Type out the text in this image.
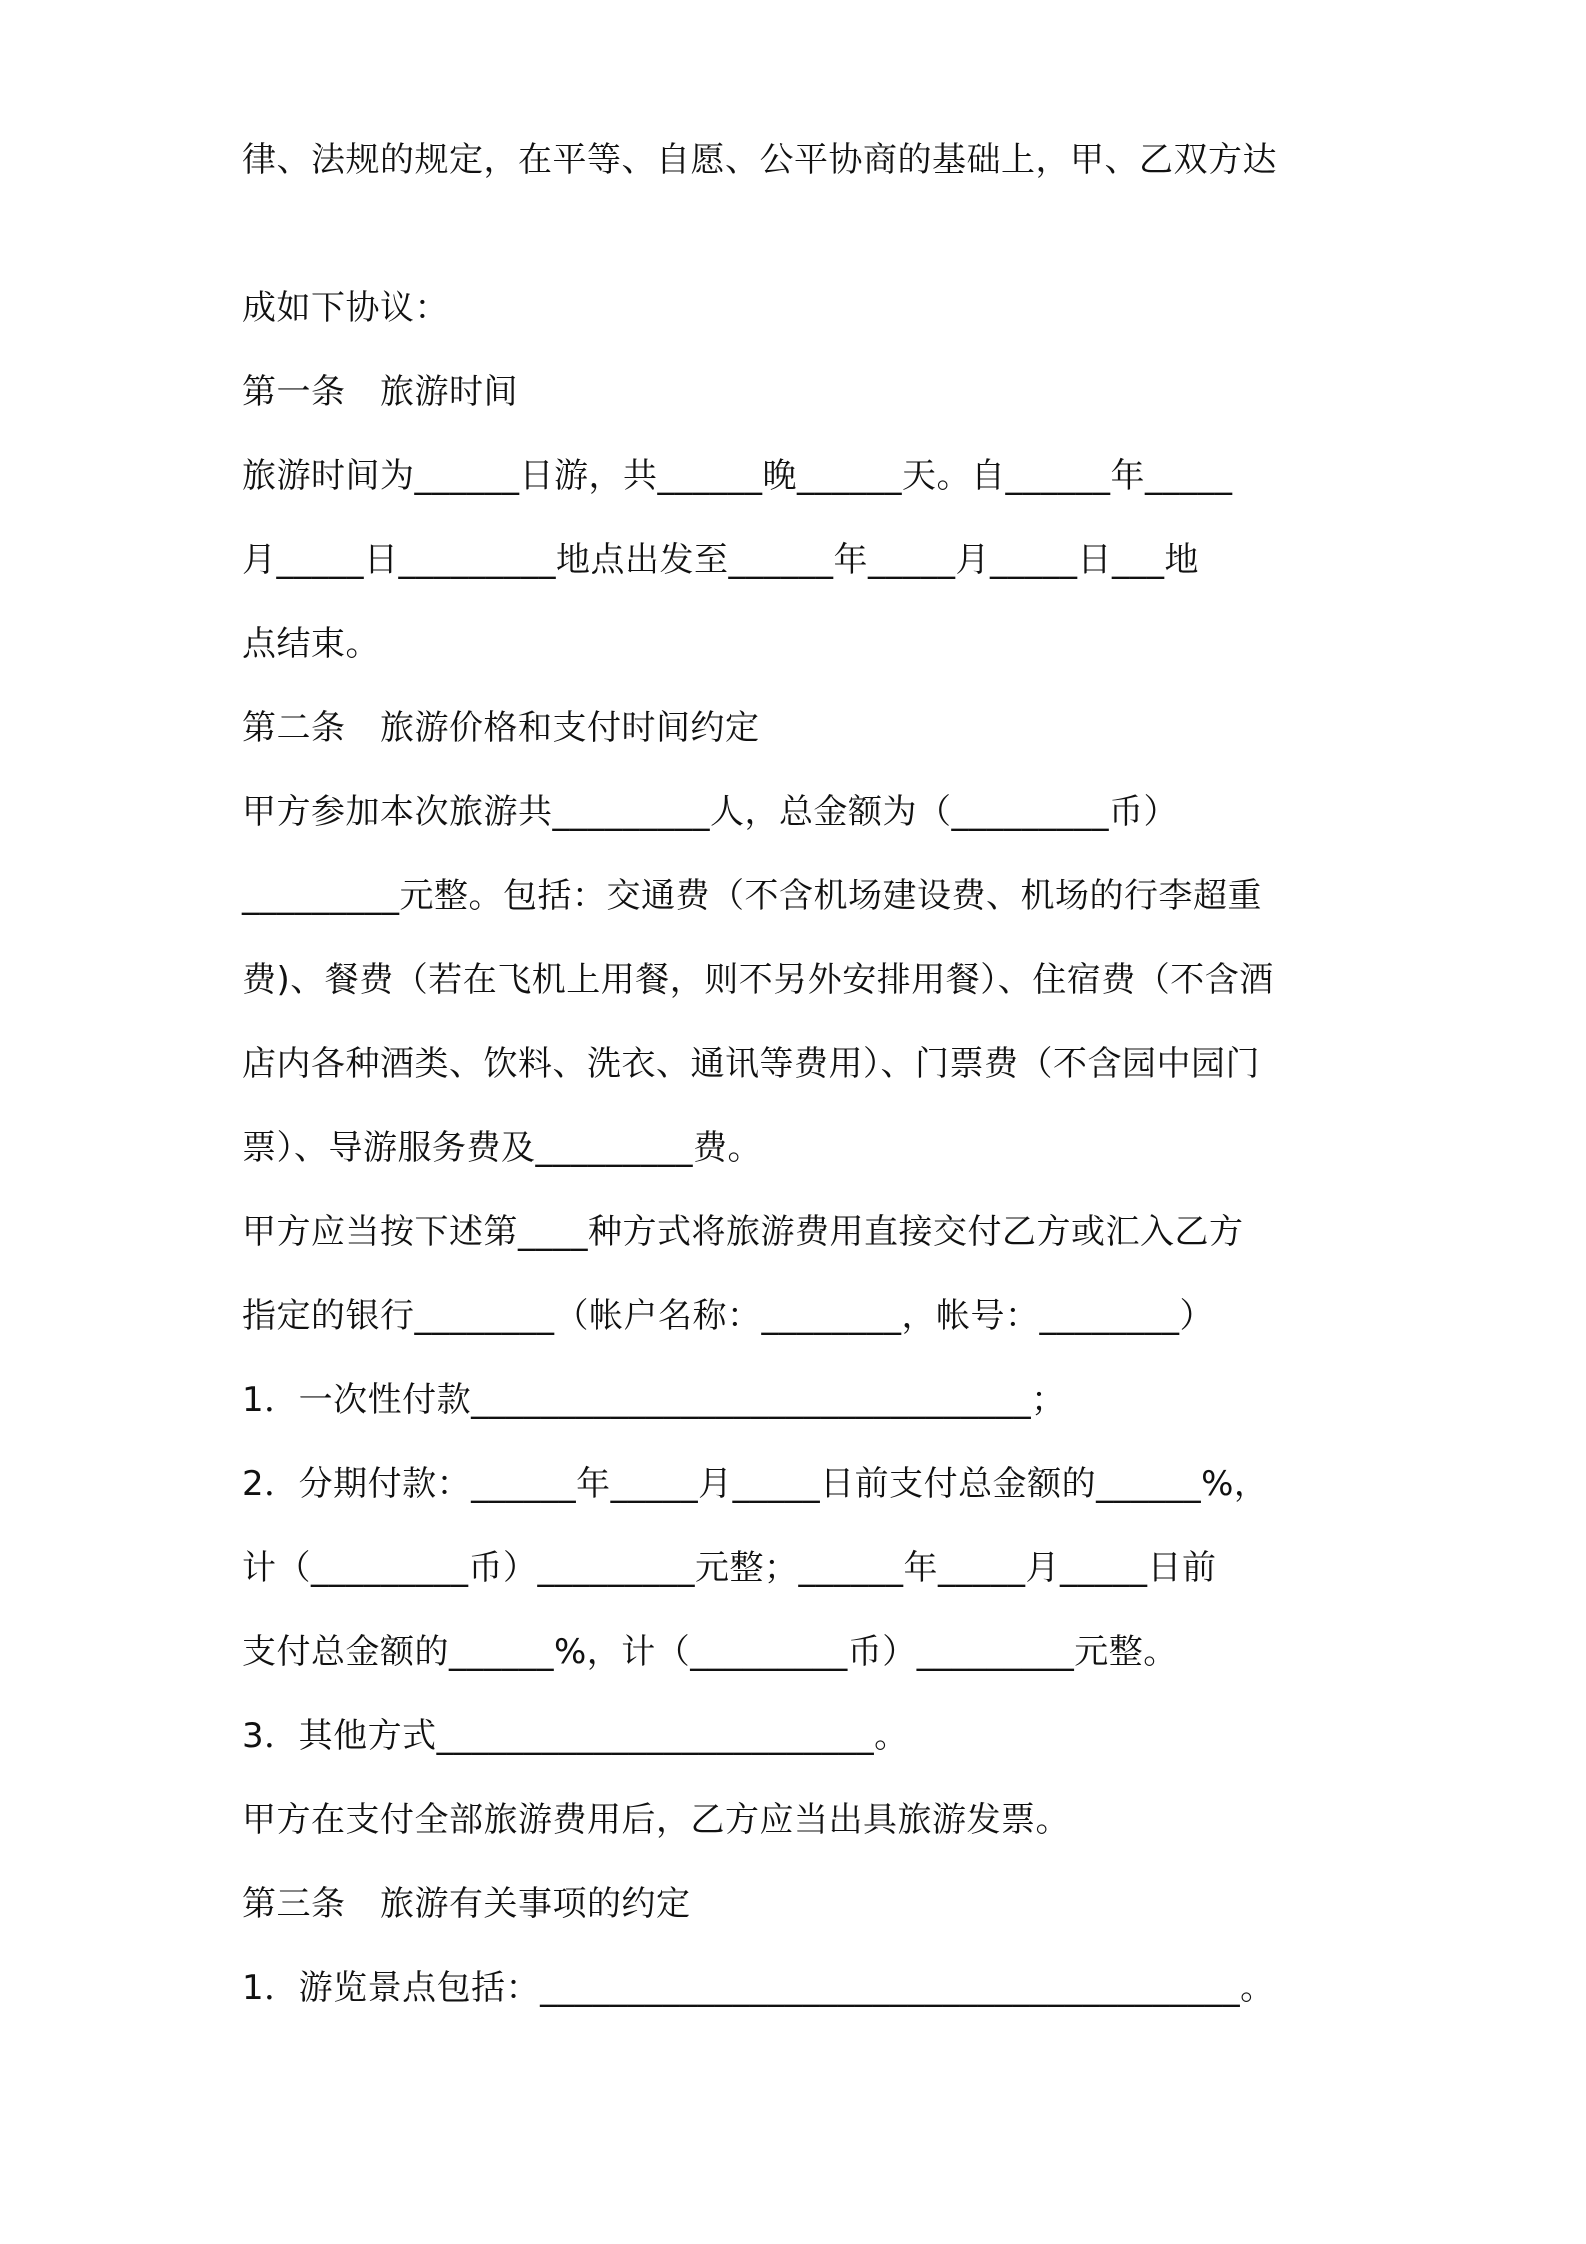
律、法规的规定，在平等、自愿、公平协商的基础上，甲、乙双方达
成如下协议：
第一条　旅游时间
旅游时间为______日游，共______晚______天。自______年_____
月_____日_________地点出发至______年_____月_____日___地
点结束。
第二条　旅游价格和支付时间约定
甲方参加本次旅游共_________人，总金额为（_________币）
_________元整。包括：交通费（不含机场建设费、机场的行李超重
费)、餐费（若在飞机上用餐，则不另外安排用餐）、住宿费（不含酒
店内各种酒类、饮料、洗衣、通讯等费用）、门票费（不含园中园门
票）、导游服务费及_________费。
甲方应当按下述第____种方式将旅游费用直接交付乙方或汇入乙方
指定的银行________（帐户名称：________，帐号：________）
1．一次性付款________________________________；
2．分期付款：______年_____月_____日前支付总金额的______%，
计（_________币）_________元整；______年_____月_____日前
支付总金额的______%，计（_________币）_________元整。
3．其他方式_________________________。
甲方在支付全部旅游费用后，乙方应当出具旅游发票。
第三条　旅游有关事项的约定
1．游览景点包括：________________________________________。
